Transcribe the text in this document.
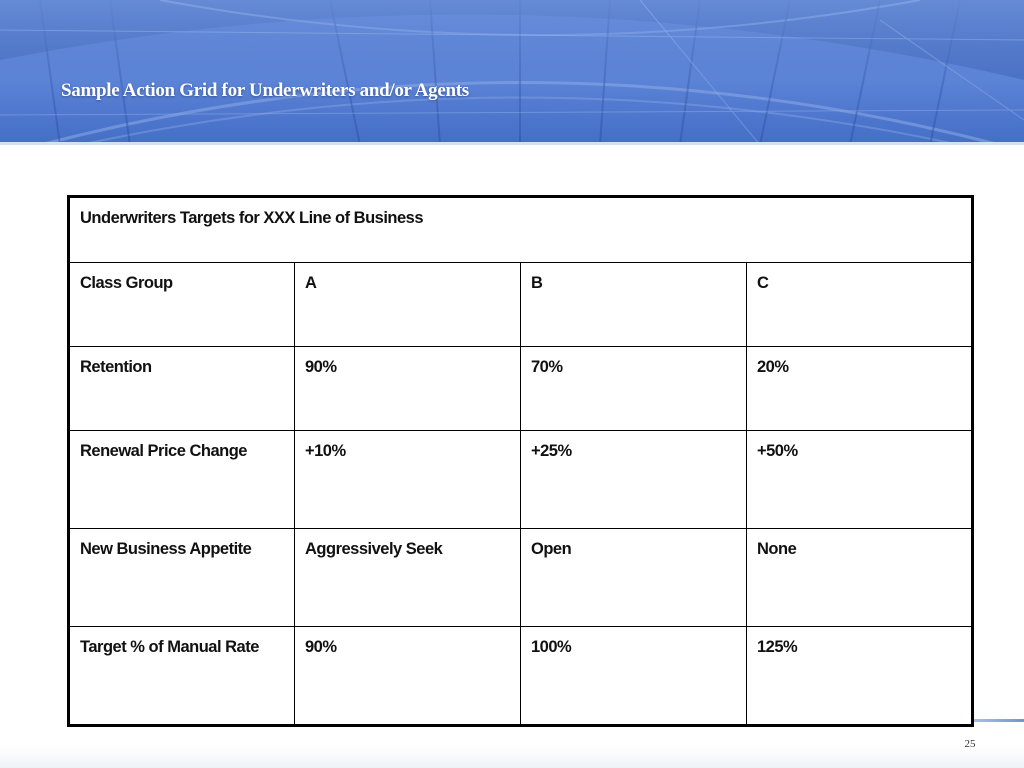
Sample Action Grid for Underwriters and/or Agents
Underwriters Targets for XXX Line of Business			
Class Group	A	B	C
Retention	90%	70%	20%
Renewal Price Change	+10%	+25%	+50%
New Business Appetite	Aggressively Seek	Open	None
Target % of Manual Rate	90%	100%	125%
25
